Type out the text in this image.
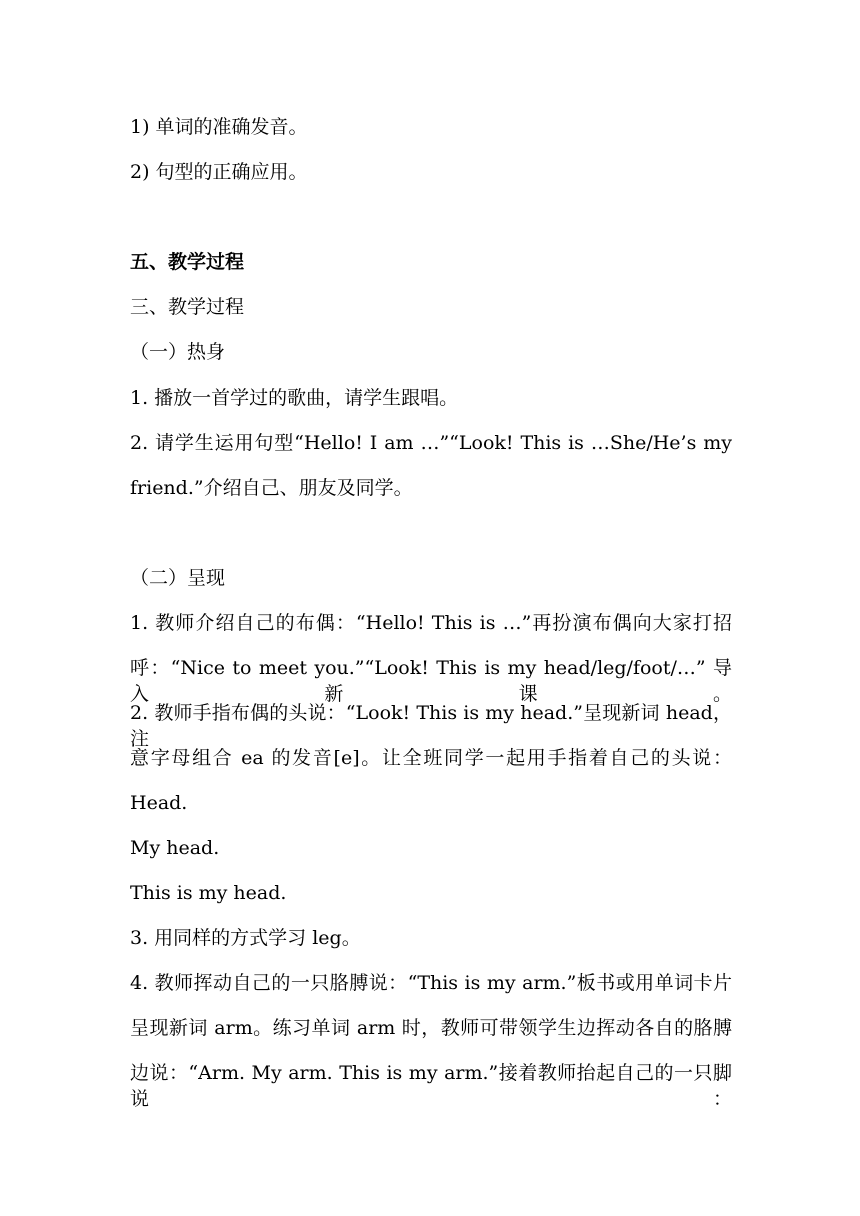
1) 单词的准确发音。
2) 句型的正确应用。
五、教学过程
三、教学过程
（一）热身
1. 播放一首学过的歌曲，请学生跟唱。
2. 请学生运用句型“Hello! I am …”“Look! This is …She/He’s my
friend.”介绍自己、朋友及同学。
（二）呈现
1. 教师介绍自己的布偶：“Hello! This is …”再扮演布偶向大家打招
呼：“Nice to meet you.”“Look! This is my head/leg/foot/…” 导入新课。
2. 教师手指布偶的头说：“Look! This is my head.”呈现新词 head，注
意字母组合 ea 的发音[e]。让全班同学一起用手指着自己的头说：
Head.
My head.
This is my head.
3. 用同样的方式学习 leg。
4. 教师挥动自己的一只胳膊说：“This is my arm.”板书或用单词卡片
呈现新词 arm。练习单词 arm 时，教师可带领学生边挥动各自的胳膊
边说：“Arm. My arm. This is my arm.”接着教师抬起自己的一只脚说：
